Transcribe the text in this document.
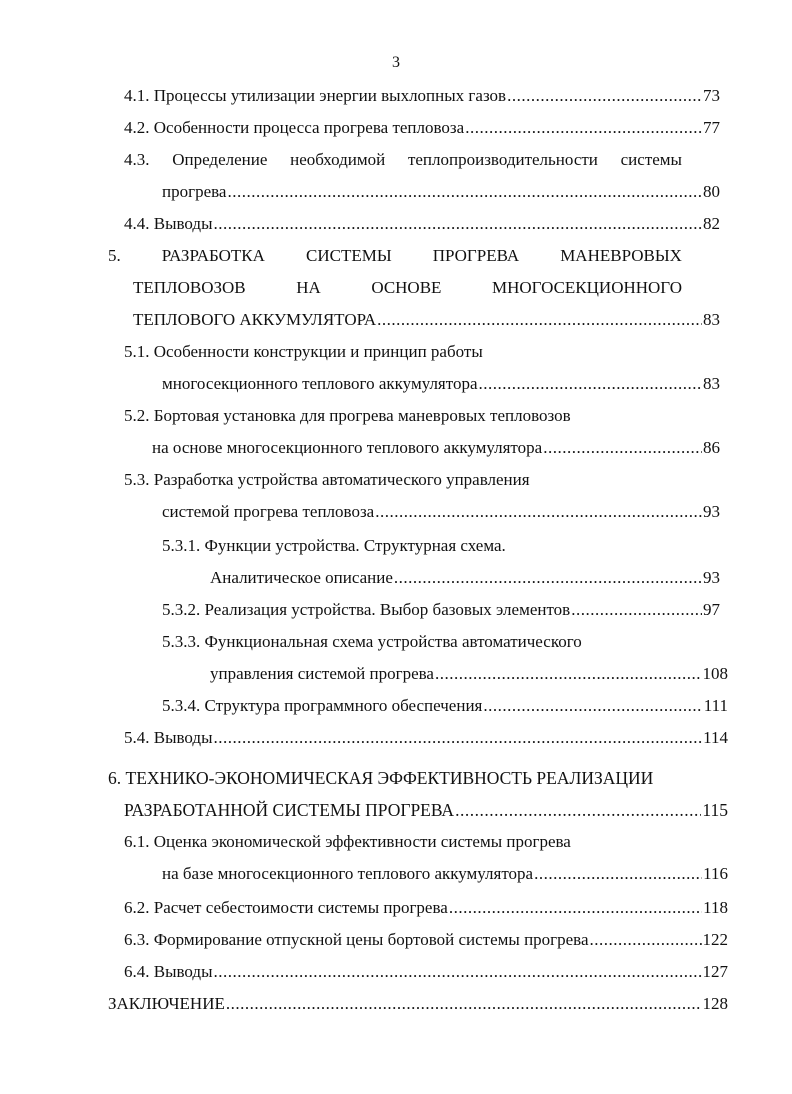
3
4.1. Процессы утилизации энергии выхлопных газов .....	73
4.2. Особенности процесса прогрева тепловоза .....	77
4.3. Определение необходимой теплопроизводительности системы
прогрева .....	80
4.4. Выводы .....	82
5. РАЗРАБОТКА СИСТЕМЫ ПРОГРЕВА МАНЕВРОВЫХ
ТЕПЛОВОЗОВ	НА	ОСНОВЕ	МНОГОСЕКЦИОННОГО
ТЕПЛОВОГО АККУМУЛЯТОРА .....	83
5.1. Особенности конструкции и принцип работы
многосекционного теплового аккумулятора .....	83
5.2. Бортовая установка для прогрева маневровых тепловозов
на основе многосекционного теплового аккумулятора .....	86
5.3. Разработка устройства автоматического управления
системой прогрева тепловоза .....	93
5.3.1. Функции устройства. Структурная схема.
Аналитическое описание .....	93
5.3.2. Реализация устройства. Выбор базовых элементов .....	97
5.3.3. Функциональная схема устройства автоматического
управления системой прогрева .....	108
5.3.4. Структура программного обеспечения .....	111
5.4. Выводы .....	114
6. ТЕХНИКО-ЭКОНОМИЧЕСКАЯ ЭФФЕКТИВНОСТЬ РЕАЛИЗАЦИИ
РАЗРАБОТАННОЙ СИСТЕМЫ ПРОГРЕВА .....	115
6.1. Оценка экономической эффективности системы прогрева
на базе многосекционного теплового аккумулятора .....	116
6.2. Расчет себестоимости системы прогрева .....	118
6.3. Формирование отпускной цены бортовой системы прогрева .....	122
6.4. Выводы .....	127
ЗАКЛЮЧЕНИЕ .....	128
